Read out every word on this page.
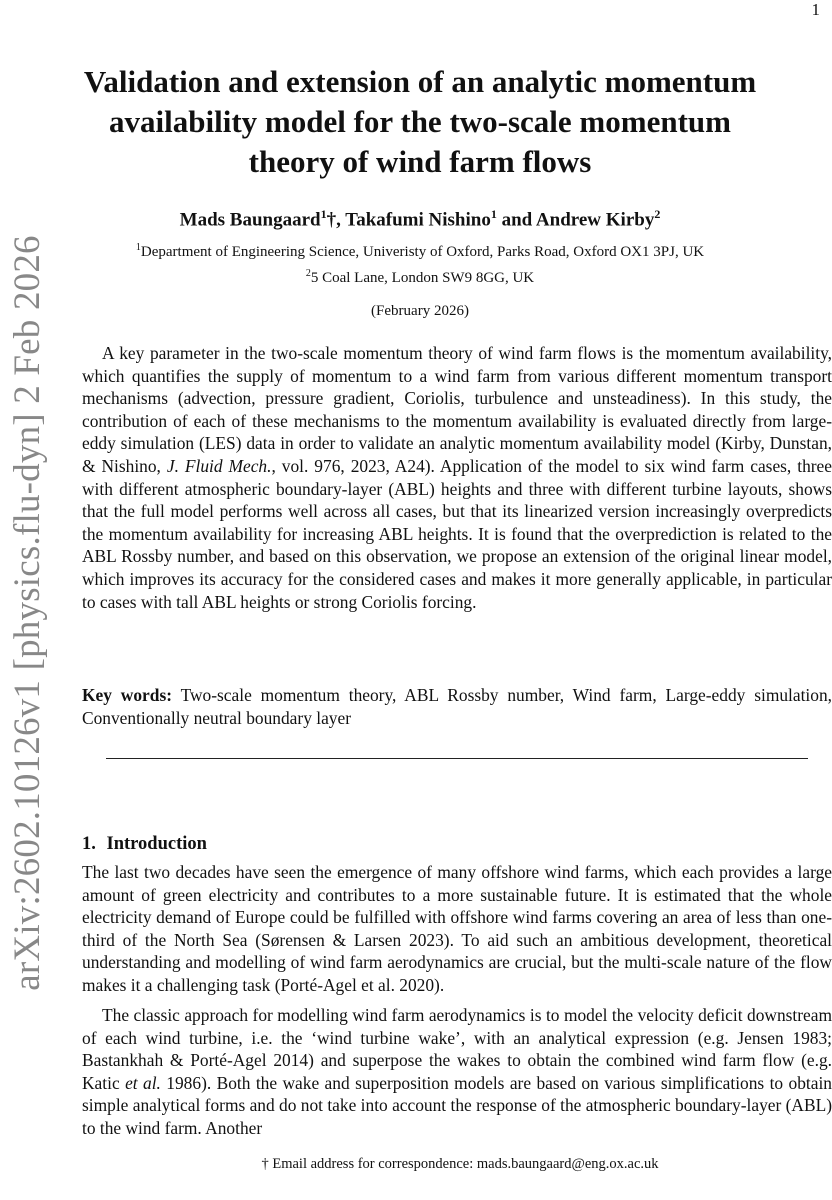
1
arXiv:2602.10126v1 [physics.flu-dyn] 2 Feb 2026
Validation and extension of an analytic momentum availability model for the two-scale momentum theory of wind farm flows
Mads Baungaard$^1$†, Takafumi Nishino$^1$ and Andrew Kirby$^2$
$^1$Department of Engineering Science, Univeristy of Oxford, Parks Road, Oxford OX1 3PJ, UK
$^2$5 Coal Lane, London SW9 8GG, UK
(February 2026)

A key parameter in the two-scale momentum theory of wind farm flows is the momentum availability, which quantifies the supply of momentum to a wind farm from various different momentum transport mechanisms (advection, pressure gradient, Coriolis, turbulence and unsteadiness). In this study, the contribution of each of these mechanisms to the momentum availability is evaluated directly from large-eddy simulation (LES) data in order to validate an analytic momentum availability model (Kirby, Dunstan, & Nishino, J. Fluid Mech., vol. 976, 2023, A24). Application of the model to six wind farm cases, three with different atmospheric boundary-layer (ABL) heights and three with different turbine layouts, shows that the full model performs well across all cases, but that its linearized version increasingly overpredicts the momentum availability for increasing ABL heights. It is found that the overprediction is related to the ABL Rossby number, and based on this observation, we propose an extension of the original linear model, which improves its accuracy for the considered cases and makes it more generally applicable, in particular to cases with tall ABL heights or strong Coriolis forcing.

Key words: Two-scale momentum theory, ABL Rossby number, Wind farm, Large-eddy simulation, Conventionally neutral boundary layer

1. Introduction

The last two decades have seen the emergence of many offshore wind farms, which each provides a large amount of green electricity and contributes to a more sustainable future. It is estimated that the whole electricity demand of Europe could be fulfilled with offshore wind farms covering an area of less than one-third of the North Sea (Sørensen & Larsen 2023). To aid such an ambitious development, theoretical understanding and modelling of wind farm aerodynamics are crucial, but the multi-scale nature of the flow makes it a challenging task (Porté-Agel et al. 2020).

The classic approach for modelling wind farm aerodynamics is to model the velocity deficit downstream of each wind turbine, i.e. the ‘wind turbine wake’, with an analytical expression (e.g. Jensen 1983; Bastankhah & Porté-Agel 2014) and superpose the wakes to obtain the combined wind farm flow (e.g. Katic et al. 1986). Both the wake and superposition models are based on various simplifications to obtain simple analytical forms and do not take into account the response of the atmospheric boundary-layer (ABL) to the wind farm. Another

† Email address for correspondence: mads.baungaard@eng.ox.ac.uk
